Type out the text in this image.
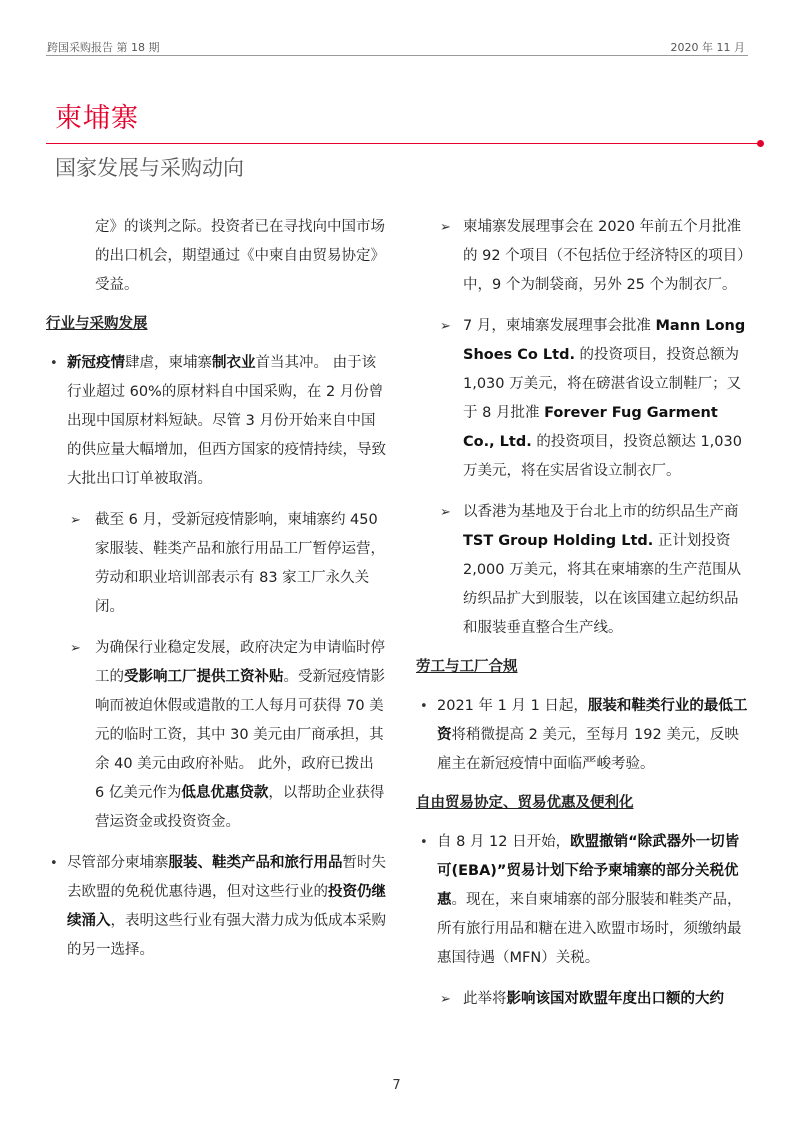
跨国采购报告 第 18 期	2020 年 11 月
柬埔寨
国家发展与采购动向
定》的谈判之际。投资者已在寻找向中国市场的出口机会，期望通过《中柬自由贸易协定》受益。
行业与采购发展
• 新冠疫情肆虐，柬埔寨制衣业首当其冲。 由于该行业超过 60%的原材料自中国采购，在 2 月份曾出现中国原材料短缺。尽管 3 月份开始来自中国的供应量大幅增加，但西方国家的疫情持续，导致大批出口订单被取消。
➢ 截至 6 月，受新冠疫情影响，柬埔寨约 450 家服装、鞋类产品和旅行用品工厂暂停运营，劳动和职业培训部表示有 83 家工厂永久关闭。
➢ 为确保行业稳定发展，政府决定为申请临时停工的受影响工厂提供工资补贴。受新冠疫情影响而被迫休假或遣散的工人每月可获得 70 美元的临时工资，其中 30 美元由厂商承担，其余 40 美元由政府补贴。 此外，政府已拨出 6 亿美元作为低息优惠贷款，以帮助企业获得营运资金或投资资金。
• 尽管部分柬埔寨服装、鞋类产品和旅行用品暂时失去欧盟的免税优惠待遇，但对这些行业的投资仍继续涌入，表明这些行业有强大潜力成为低成本采购的另一选择。
➢ 柬埔寨发展理事会在 2020 年前五个月批准的 92 个项目（不包括位于经济特区的项目）中，9 个为制袋商，另外 25 个为制衣厂。
➢ 7 月，柬埔寨发展理事会批准 Mann Long Shoes Co Ltd. 的投资项目，投资总额为 1,030 万美元，将在磅湛省设立制鞋厂；又于 8 月批准 Forever Fug Garment Co., Ltd. 的投资项目，投资总额达 1,030 万美元，将在实居省设立制衣厂。
➢ 以香港为基地及于台北上市的纺织品生产商 TST Group Holding Ltd. 正计划投资 2,000 万美元，将其在柬埔寨的生产范围从纺织品扩大到服装，以在该国建立起纺织品和服装垂直整合生产线。
劳工与工厂合规
• 2021 年 1 月 1 日起，服装和鞋类行业的最低工资将稍微提高 2 美元，至每月 192 美元，反映雇主在新冠疫情中面临严峻考验。
自由贸易协定、贸易优惠及便利化
• 自 8 月 12 日开始，欧盟撤销“除武器外一切皆可(EBA)”贸易计划下给予柬埔寨的部分关税优惠。现在，来自柬埔寨的部分服装和鞋类产品，所有旅行用品和糖在进入欧盟市场时，须缴纳最惠国待遇（MFN）关税。
➢ 此举将影响该国对欧盟年度出口额的大约
7
